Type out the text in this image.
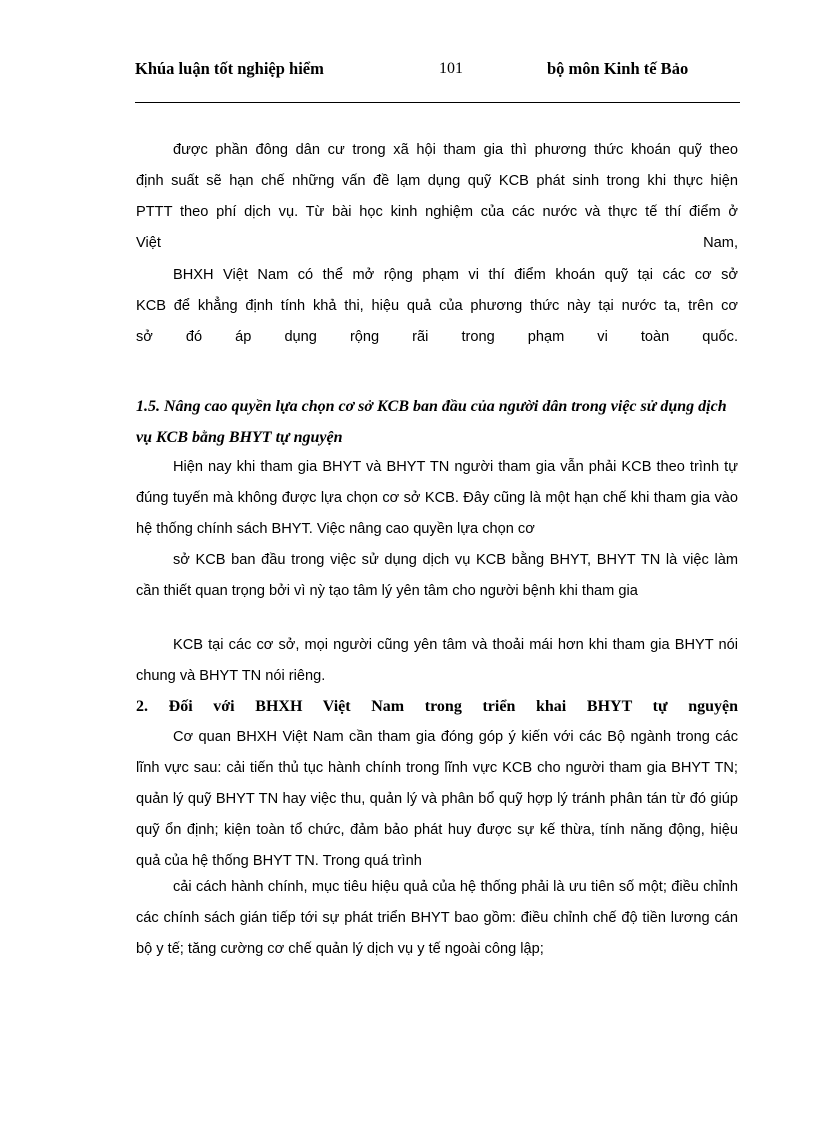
Khúa luận tốt nghiệp hiểm	101	bộ môn Kinh tế Bảo

được phần đông dân cư trong xã hội tham gia thì phương thức khoán quỹ theo

định suất sẽ hạn chế những vấn đề lạm dụng quỹ KCB phát sinh trong khi thực hiện

PTTT theo phí dịch vụ. Từ bài học kinh nghiệm của các nước và thực tế thí điểm ở

Việt Nam,

BHXH Việt Nam có thể mở rộng phạm vi thí điểm khoán quỹ tại các cơ sở

KCB để khẳng định tính khả thi, hiệu quả của phương thức này tại nước ta, trên cơ

sở đó áp dụng rộng rãi trong phạm vi toàn quốc.

1.5. Nâng cao quyền lựa chọn cơ sở KCB ban đầu của người dân trong việc sử dụng dịch vụ KCB bằng BHYT tự nguyện

Hiện nay khi tham gia BHYT và BHYT TN người tham gia vẫn phải KCB theo trình tự đúng tuyến mà không được lựa chọn cơ sở KCB. Đây cũng là một hạn chế khi tham gia vào hệ thống chính sách BHYT. Việc nâng cao quyền lựa chọn cơ

sở KCB ban đầu trong việc sử dụng dịch vụ KCB bằng BHYT, BHYT TN là việc làm cần thiết quan trọng bởi vì nỳ tạo tâm lý yên tâm cho người bệnh khi tham gia

KCB tại các cơ sở, mọi người cũng yên tâm và thoải mái hơn khi tham gia BHYT nói chung và BHYT TN nói riêng.

2. Đối với BHXH Việt Nam trong triển khai BHYT tự nguyện

Cơ quan BHXH Việt Nam cần tham gia đóng góp ý kiến với các Bộ ngành trong các lĩnh vực sau: cải tiến thủ tục hành chính trong lĩnh vực KCB cho người tham gia BHYT TN; quản lý quỹ BHYT TN hay việc thu, quản lý và phân bổ quỹ hợp lý tránh phân tán từ đó giúp quỹ ổn định; kiện toàn tổ chức, đảm bảo phát huy được sự kế thừa, tính năng động, hiệu quả của hệ thống BHYT TN. Trong quá trình

cải cách hành chính, mục tiêu hiệu quả của hệ thống phải là ưu tiên số một; điều chỉnh các chính sách gián tiếp tới sự phát triển BHYT bao gồm: điều chỉnh chế độ tiền lương cán bộ y tế; tăng cường cơ chế quản lý dịch vụ y tế ngoài công lập;
